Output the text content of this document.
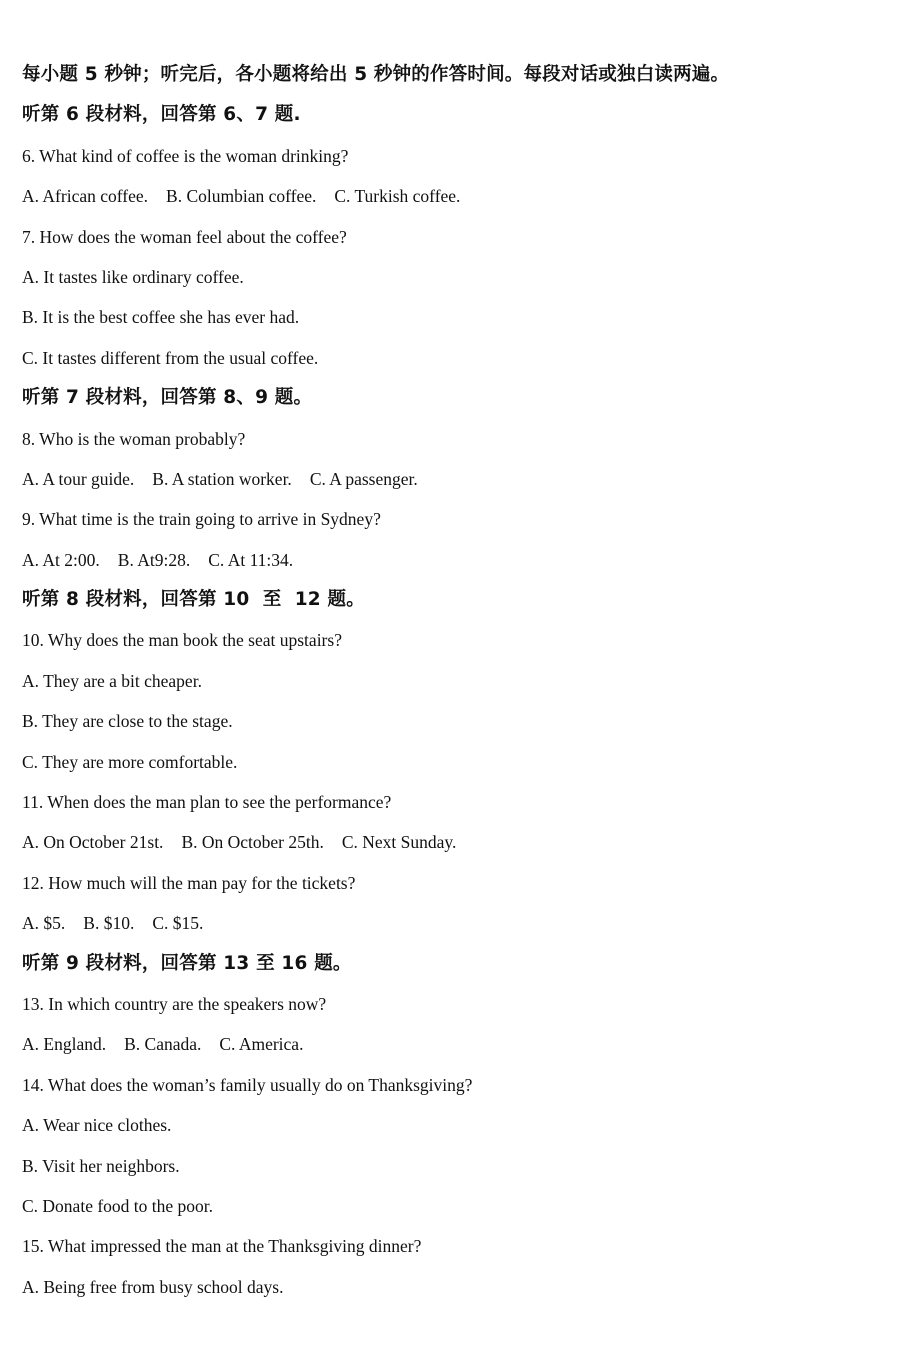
每小题 5 秒钟；听完后，各小题将给出 5 秒钟的作答时间。每段对话或独白读两遍。
听第 6 段材料，回答第 6、7 题.
6. What kind of coffee is the woman drinking?
A. African coffee. B. Columbian coffee. C. Turkish coffee.
7. How does the woman feel about the coffee?
A. It tastes like ordinary coffee.
B. It is the best coffee she has ever had.
C. It tastes different from the usual coffee.
听第 7 段材料，回答第 8、9 题。
8. Who is the woman probably?
A. A tour guide. B. A station worker. C. A passenger.
9. What time is the train going to arrive in Sydney?
A. At 2:00. B. At9:28. C. At 11:34.
听第 8 段材料，回答第 10  至  12 题。
10. Why does the man book the seat upstairs?
A. They are a bit cheaper.
B. They are close to the stage.
C. They are more comfortable.
11. When does the man plan to see the performance?
A. On October 21st. B. On October 25th. C. Next Sunday.
12. How much will the man pay for the tickets?
A. $5. B. $10. C. $15.
听第 9 段材料，回答第 13 至 16 题。
13. In which country are the speakers now?
A. England. B. Canada. C. America.
14. What does the woman’s family usually do on Thanksgiving?
A. Wear nice clothes.
B. Visit her neighbors.
C. Donate food to the poor.
15. What impressed the man at the Thanksgiving dinner?
A. Being free from busy school days.
